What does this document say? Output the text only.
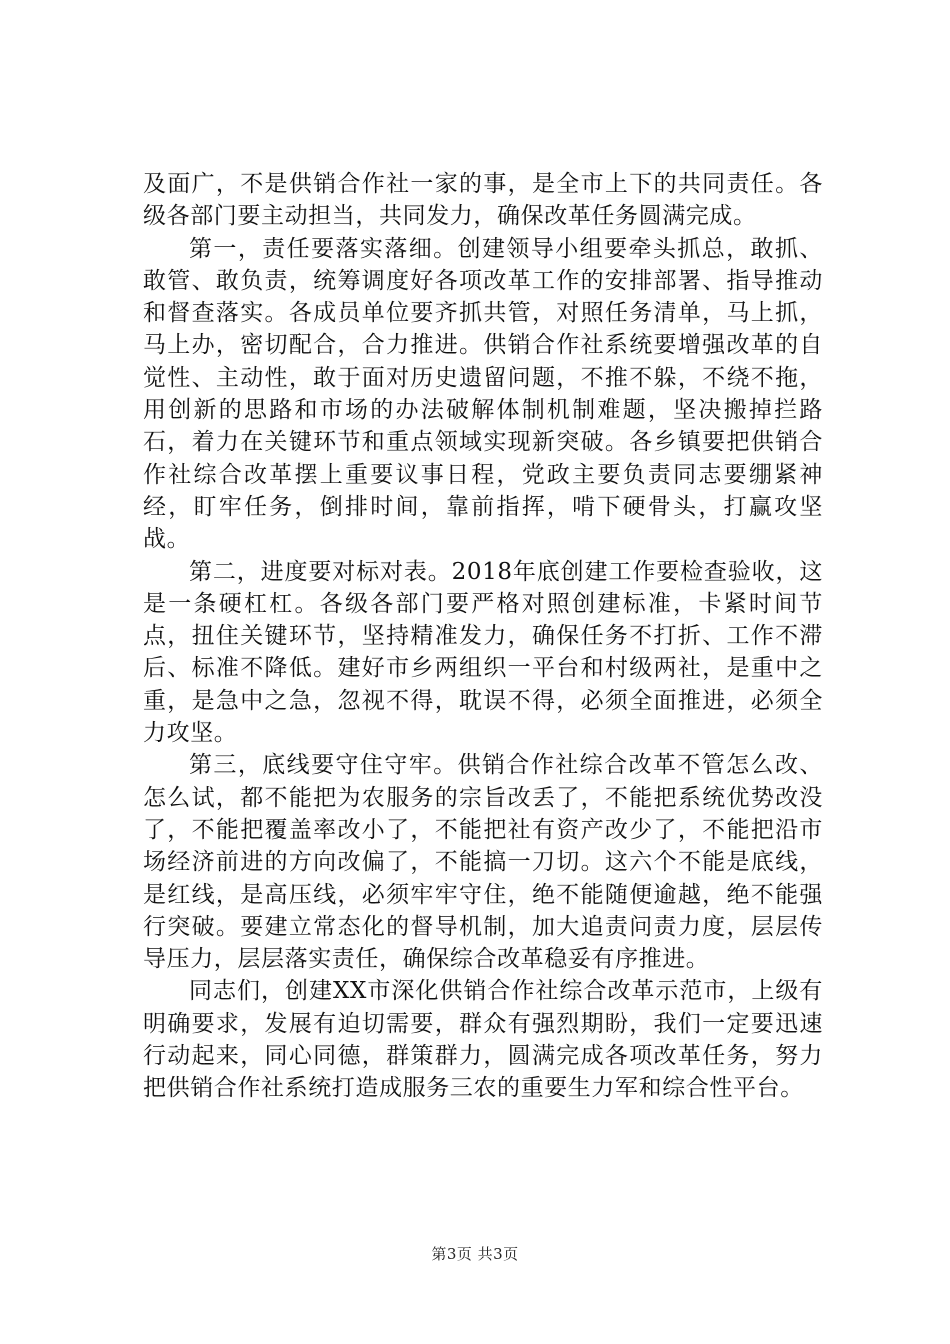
及面广，不是供销合作社一家的事，是全市上下的共同责任。各级各部门要主动担当，共同发力，确保改革任务圆满完成。

第一，责任要落实落细。创建领导小组要牵头抓总，敢抓、敢管、敢负责，统筹调度好各项改革工作的安排部署、指导推动和督查落实。各成员单位要齐抓共管，对照任务清单，马上抓，马上办，密切配合，合力推进。供销合作社系统要增强改革的自觉性、主动性，敢于面对历史遗留问题，不推不躲，不绕不拖，用创新的思路和市场的办法破解体制机制难题，坚决搬掉拦路石，着力在关键环节和重点领域实现新突破。各乡镇要把供销合作社综合改革摆上重要议事日程，党政主要负责同志要绷紧神经，盯牢任务，倒排时间，靠前指挥，啃下硬骨头，打赢攻坚战。

第二，进度要对标对表。2018年底创建工作要检查验收，这是一条硬杠杠。各级各部门要严格对照创建标准，卡紧时间节点，扭住关键环节，坚持精准发力，确保任务不打折、工作不滞后、标准不降低。建好市乡两组织一平台和村级两社，是重中之重，是急中之急，忽视不得，耽误不得，必须全面推进，必须全力攻坚。

第三，底线要守住守牢。供销合作社综合改革不管怎么改、怎么试，都不能把为农服务的宗旨改丢了，不能把系统优势改没了，不能把覆盖率改小了，不能把社有资产改少了，不能把沿市场经济前进的方向改偏了，不能搞一刀切。这六个不能是底线，是红线，是高压线，必须牢牢守住，绝不能随便逾越，绝不能强行突破。要建立常态化的督导机制，加大追责问责力度，层层传导压力，层层落实责任，确保综合改革稳妥有序推进。

同志们，创建XX市深化供销合作社综合改革示范市，上级有明确要求，发展有迫切需要，群众有强烈期盼，我们一定要迅速行动起来，同心同德，群策群力，圆满完成各项改革任务，努力把供销合作社系统打造成服务三农的重要生力军和综合性平台。

第3页 共3页
